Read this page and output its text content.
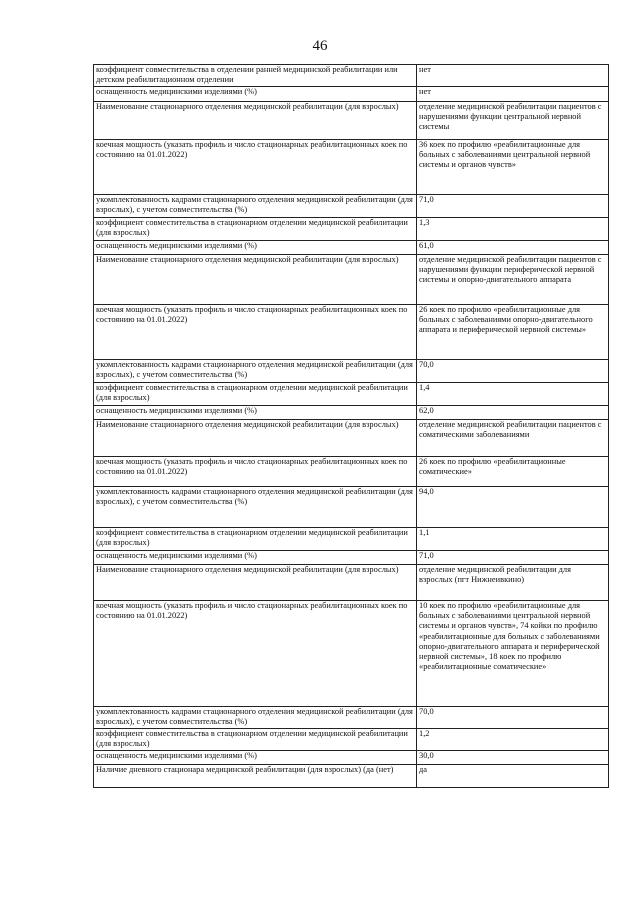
46
коэффициент совместительства в отделении ранней медицинской реабилитации или детском реабилитационном отделении	нет
оснащенность медицинскими изделиями (%)	нет
Наименование стационарного отделения медицинской реабилитации (для взрослых)	отделение медицинской реабилитации пациентов с нарушениями функции центральной нервной системы
коечная мощность (указать профиль и число стационарных реабилитационных коек по состоянию на 01.01.2022)	36 коек по профилю «реабилитационные для больных с заболеваниями центральной нервной системы и органов чувств»
укомплектованность кадрами стационарного отделения медицинской реабилитации (для взрослых), с учетом совместительства (%)	71,0
коэффициент совместительства в стационарном отделении медицинской реабилитации (для взрослых)	1,3
оснащенность медицинскими изделиями (%)	61,0
Наименование стационарного отделения медицинской реабилитации (для взрослых)	отделение медицинской реабилитации пациентов с нарушениями функции периферической нервной системы и опорно-двигательного аппарата
коечная мощность (указать профиль и число стационарных реабилитационных коек по состоянию на 01.01.2022)	26 коек по профилю «реабилитационные для больных с заболеваниями опорно-двигательного аппарата и периферической нервной системы»
укомплектованность кадрами стационарного отделения медицинской реабилитации (для взрослых), с учетом совместительства (%)	70,0
коэффициент совместительства в стационарном отделении медицинской реабилитации (для взрослых)	1,4
оснащенность медицинскими изделиями (%)	62,0
Наименование стационарного отделения медицинской реабилитации (для взрослых)	отделение медицинской реабилитации пациентов с соматическими заболеваниями
коечная мощность (указать профиль и число стационарных реабилитационных коек по состоянию на 01.01.2022)	26 коек по профилю «реабилитационные соматические»
укомплектованность кадрами стационарного отделения медицинской реабилитации (для взрослых), с учетом совместительства (%)	94,0
коэффициент совместительства в стационарном отделении медицинской реабилитации (для взрослых)	1,1
оснащенность медицинскими изделиями (%)	71,0
Наименование стационарного отделения медицинской реабилитации (для взрослых)	отделение медицинской реабилитации для взрослых (пгт Нижнеивкино)
коечная мощность (указать профиль и число стационарных реабилитационных коек по состоянию на 01.01.2022)	10 коек по профилю «реабилитационные для больных с заболеваниями центральной нервной системы и органов чувств», 74 койки по профилю «реабилитационные для больных с заболеваниями опорно-двигательного аппарата и периферической нервной системы», 18 коек по профилю «реабилитационные соматические»
укомплектованность кадрами стационарного отделения медицинской реабилитации (для взрослых), с учетом совместительства (%)	70,0
коэффициент совместительства в стационарном отделении медицинской реабилитации (для взрослых)	1,2
оснащенность медицинскими изделиями (%)	30,0
Наличие дневного стационара медицинской реабилитации (для взрослых) (да (нет)	да
